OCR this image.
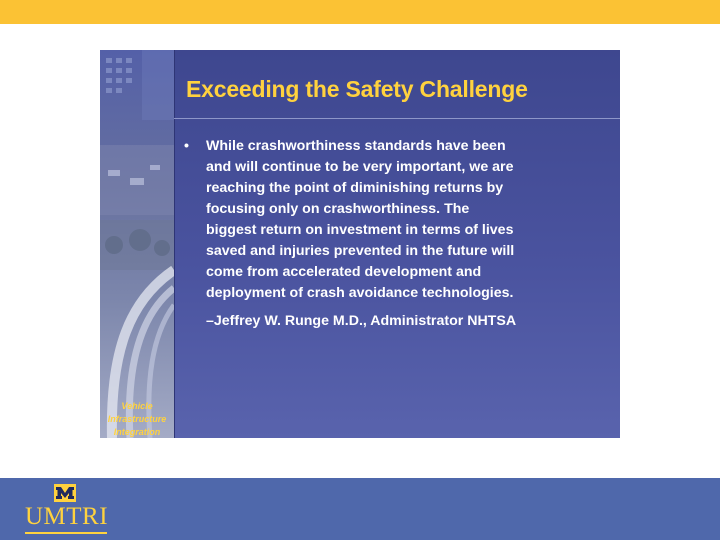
Vehicle
Infrastructure
Integration
Exceeding the Safety Challenge
• While crashworthiness standards have been
and will continue to be very important, we are
reaching the point of diminishing returns by
focusing only on crashworthiness. The
biggest return on investment in terms of lives
saved and injuries prevented in the future will
come from accelerated development and
deployment of crash avoidance technologies.
–Jeffrey W. Runge M.D., Administrator NHTSA

UMTRI
